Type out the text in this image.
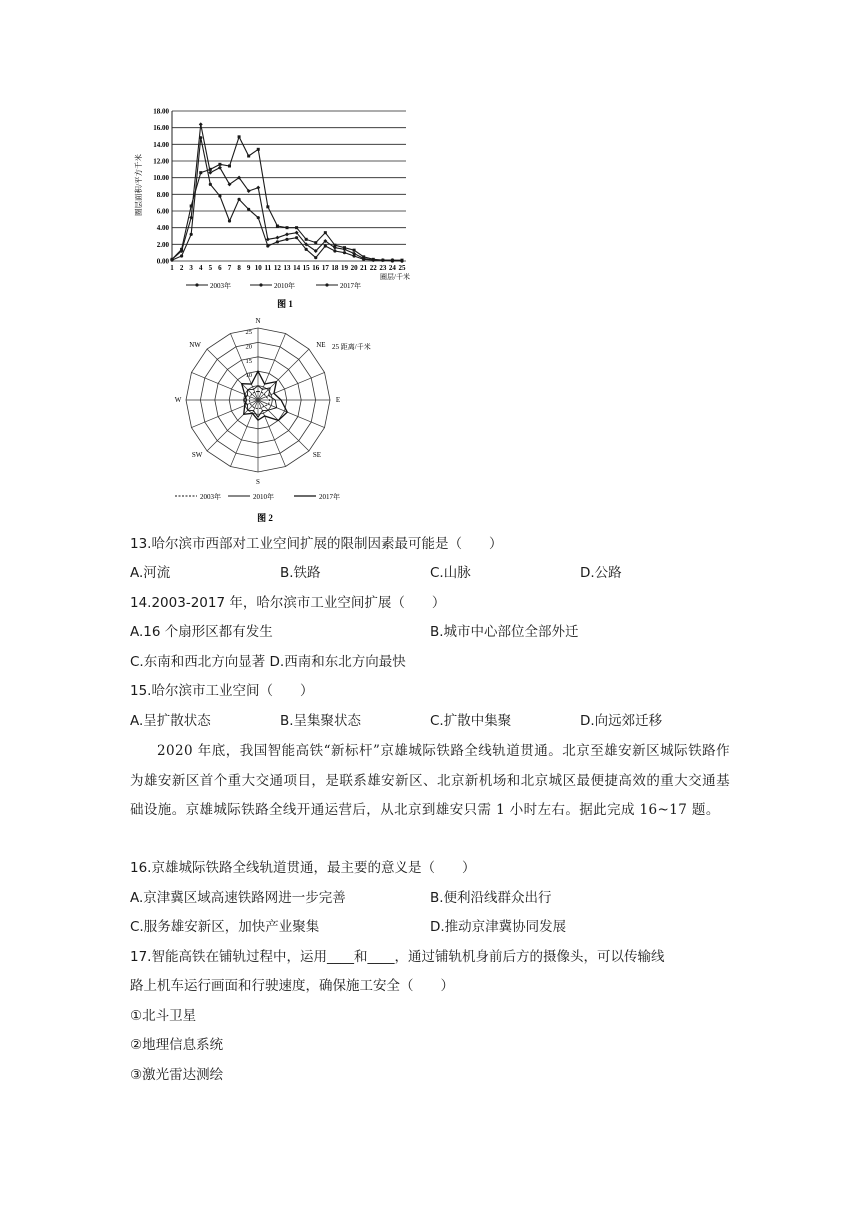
圈层面积/平方千米
18.00
16.00
14.00
12.00
10.00
8.00
6.00
4.00
2.00
0.00
1 2 3 4 5 6 7 8 9 10 11 12 13 14 15 16 17 18 19 20 21 22 23 24 25
圈层/千米
2003年	2010年	2017年
图 1
25
20
15
10
N
NE
E
SE
S
SW
W
NW	25 距离/千米
2003年	2010年	2017年
图 2
13.哈尔滨市西部对工业空间扩展的限制因素最可能是（　　）
A.河流	B.铁路	C.山脉	D.公路
14.2003-2017 年，哈尔滨市工业空间扩展（　　）
A.16 个扇形区都有发生	B.城市中心部位全部外迁
C.东南和西北方向显著 D.西南和东北方向最快
15.哈尔滨市工业空间（　　）
A.呈扩散状态	B.呈集聚状态	C.扩散中集聚	D.向远郊迁移
2020 年底，我国智能高铁“新标杆”京雄城际铁路全线轨道贯通。北京至雄安新区城际铁路作为雄安新区首个重大交通项目，是联系雄安新区、北京新机场和北京城区最便捷高效的重大交通基础设施。京雄城际铁路全线开通运营后，从北京到雄安只需 1 小时左右。据此完成 16~17 题。
16.京雄城际铁路全线轨道贯通，最主要的意义是（　　）
A.京津冀区域高速铁路网进一步完善	B.便利沿线群众出行
C.服务雄安新区，加快产业聚集	D.推动京津冀协同发展
17.智能高铁在铺轨过程中，运用____和____，通过铺轨机身前后方的摄像头，可以传输线
路上机车运行画面和行驶速度，确保施工安全（　　）
①北斗卫星
②地理信息系统
③激光雷达测绘
